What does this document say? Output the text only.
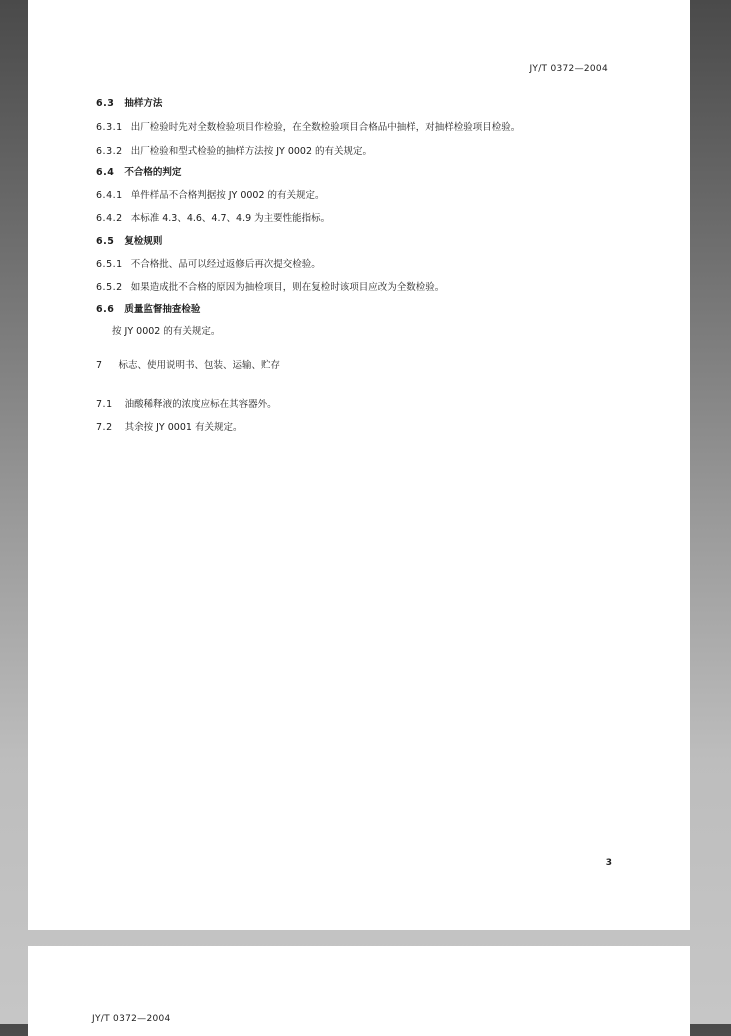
JY/T 0372—2004
6.3 抽样方法
6.3.1 出厂检验时先对全数检验项目作检验，在全数检验项目合格品中抽样，对抽样检验项目检验。
6.3.2 出厂检验和型式检验的抽样方法按 JY 0002 的有关规定。
6.4 不合格的判定
6.4.1 单件样品不合格判据按 JY 0002 的有关规定。
6.4.2 本标准 4.3、4.6、4.7、4.9 为主要性能指标。
6.5 复检规则
6.5.1 不合格批、品可以经过返修后再次提交检验。
6.5.2 如果造成批不合格的原因为抽检项目，则在复检时该项目应改为全数检验。
6.6 质量监督抽查检验
按 JY 0002 的有关规定。
7 标志、使用说明书、包装、运输、贮存
7.1 油酸稀释液的浓度应标在其容器外。
7.2 其余按 JY 0001 有关规定。
3
JY/T 0372—2004
